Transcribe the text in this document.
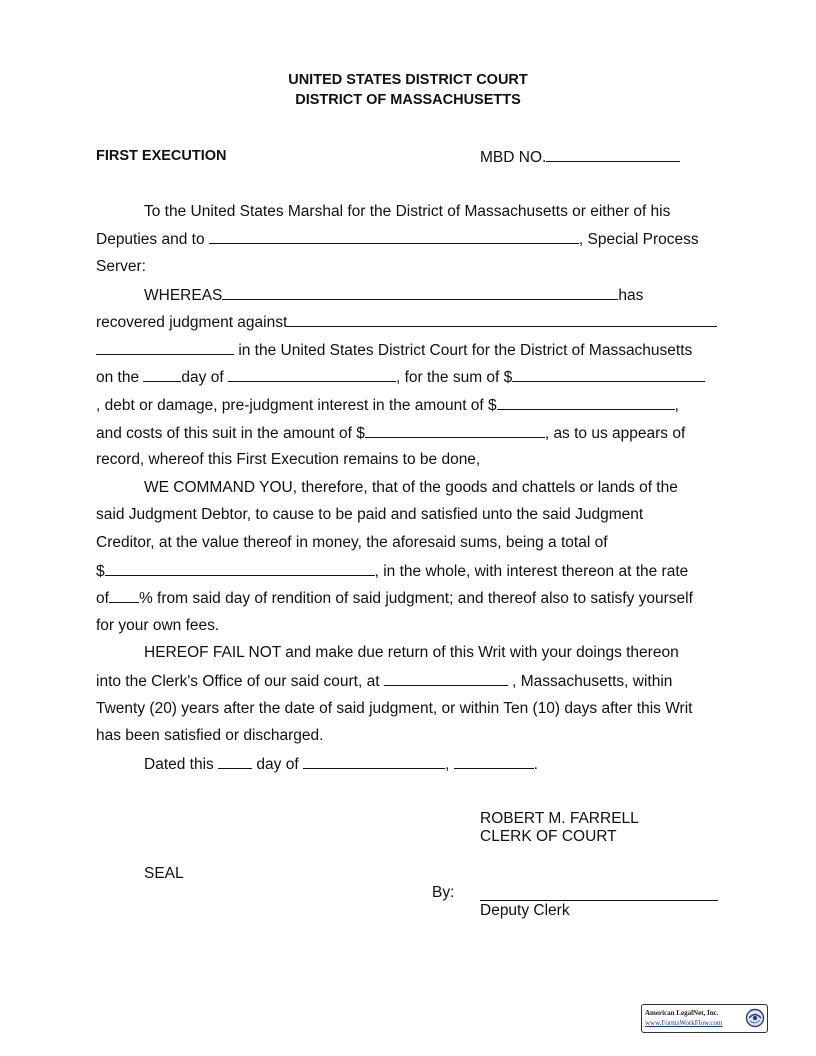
UNITED STATES DISTRICT COURT
DISTRICT OF MASSACHUSETTS
FIRST EXECUTION	MBD NO.
To the United States Marshal for the District of Massachusetts or either of his
Deputies and to	, Special Process
Server:
WHEREAS	has
recovered judgment against
in the United States District Court for the District of Massachusetts
on the	day of	, for the sum of $
, debt or damage, pre-judgment interest in the amount of $	,
and costs of this suit in the amount of $	, as to us appears of
record, whereof this First Execution remains to be done,
WE COMMAND YOU, therefore, that of the goods and chattels or lands of the
said Judgment Debtor, to cause to be paid and satisfied unto the said Judgment
Creditor, at the value thereof in money, the aforesaid sums, being a total of
$	, in the whole, with interest thereon at the rate
of % from said day of rendition of said judgment; and thereof also to satisfy yourself
for your own fees.
HEREOF FAIL NOT and make due return of this Writ with your doings thereon
into the Clerk's Office of our said court, at	, Massachusetts, within
Twenty (20) years after the date of said judgment, or within Ten (10) days after this Writ
has been satisfied or discharged.
Dated this	day of	,	.
ROBERT M. FARRELL
CLERK OF COURT
SEAL
By:
Deputy Clerk
American LegalNet, Inc.
www.FormsWorkFlow.com
